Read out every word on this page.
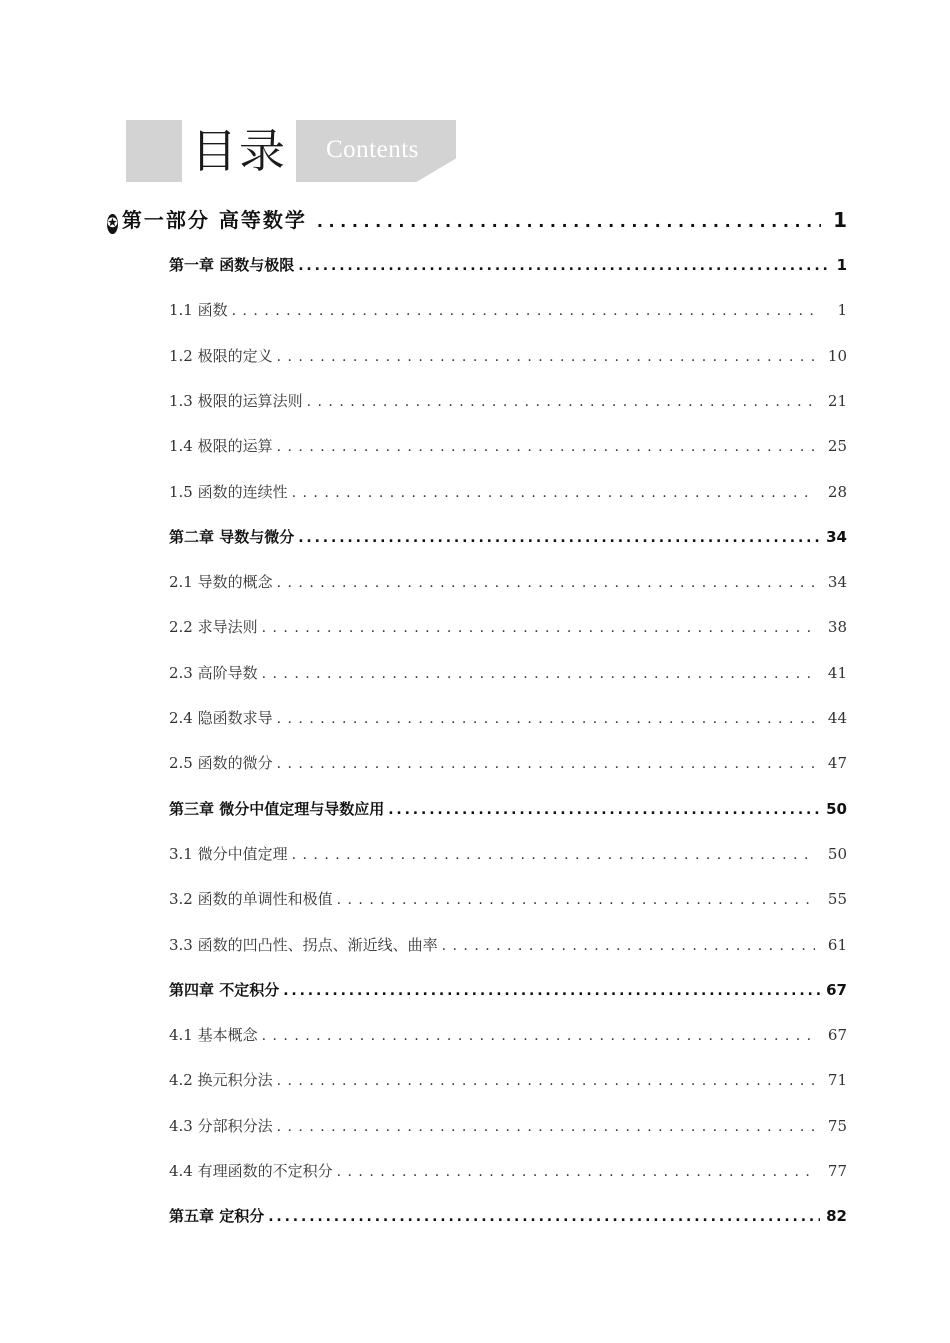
目录 Contents
✪ 第一部分 高等数学 . . .	1
第一章 函数与极限 . . .	1
1.1 函数 . . .	1
1.2 极限的定义 . . .	10
1.3 极限的运算法则 . . .	21
1.4 极限的运算 . . .	25
1.5 函数的连续性 . . .	28
第二章 导数与微分 . . .	34
2.1 导数的概念 . . .	34
2.2 求导法则 . . .	38
2.3 高阶导数 . . .	41
2.4 隐函数求导 . . .	44
2.5 函数的微分 . . .	47
第三章 微分中值定理与导数应用 . . .	50
3.1 微分中值定理 . . .	50
3.2 函数的单调性和极值 . . .	55
3.3 函数的凹凸性、拐点、渐近线、曲率 . . .	61
第四章 不定积分 . . .	67
4.1 基本概念 . . .	67
4.2 换元积分法 . . .	71
4.3 分部积分法 . . .	75
4.4 有理函数的不定积分 . . .	77
第五章 定积分 . . .	82
